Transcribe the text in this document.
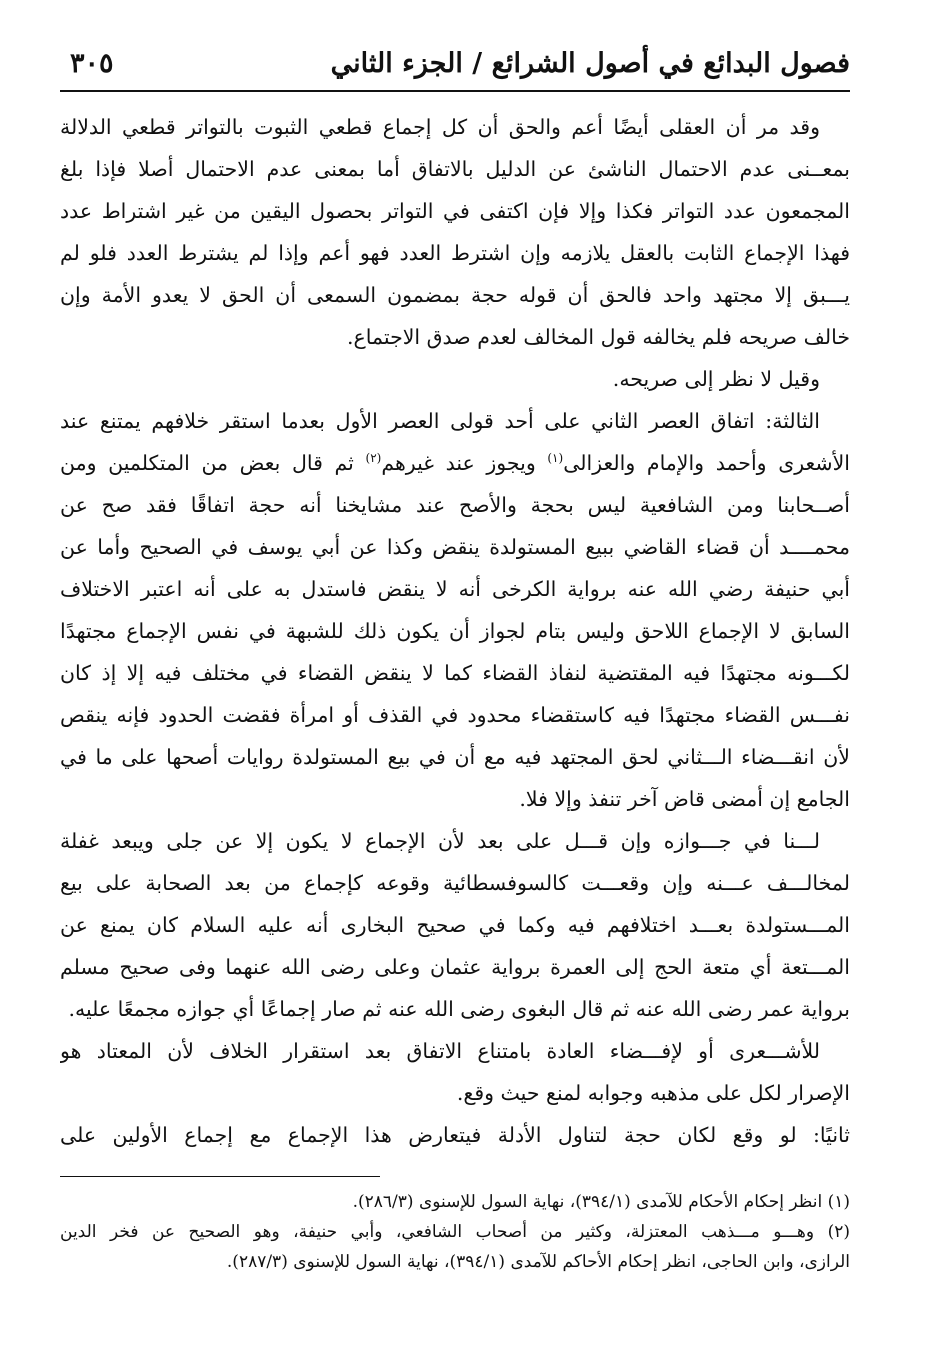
فصول البدائع في أصول الشرائع / الجزء الثاني
٣٠٥
وقد مر أن العقلى أيضًا أعم والحق أن كل إجماع قطعي الثبوت بالتواتر قطعي الدلالة
بمعــنى عدم الاحتمال الناشئ عن الدليل بالاتفاق أما بمعنى عدم الاحتمال أصلا فإذا بلغ
المجمعون عدد التواتر فكذا وإلا فإن اكتفى في التواتر بحصول اليقين من غير اشتراط عدد
فهذا الإجماع الثابت بالعقل يلازمه وإن اشترط العدد فهو أعم وإذا لم يشترط العدد فلو لم
يـــبق إلا مجتهد واحد فالحق أن قوله حجة بمضمون السمعى أن الحق لا يعدو الأمة وإن
خالف صريحه فلم يخالفه قول المخالف لعدم صدق الاجتماع.
وقيل لا نظر إلى صريحه.
الثالثة: اتفاق العصر الثاني على أحد قولى العصر الأول بعدما استقر خلافهم يمتنع عند
الأشعرى وأحمد والإمام والعزالى$^{(١)}$ ويجوز عند غيرهم$^{(٢)}$ ثم قال بعض من المتكلمين ومن
أصــحابنا ومن الشافعية ليس بحجة والأصح عند مشايخنا أنه حجة اتفاقًا فقد صح عن
محمــــد أن قضاء القاضي ببيع المستولدة ينقض وكذا عن أبي يوسف في الصحيح وأما عن
أبي حنيفة رضي الله عنه برواية الكرخى أنه لا ينقض فاستدل به على أنه اعتبر الاختلاف
السابق لا الإجماع اللاحق وليس بتام لجواز أن يكون ذلك للشبهة في نفس الإجماع مجتهدًا
لكـــونه مجتهدًا فيه المقتضية لنفاذ القضاء كما لا ينقض القضاء في مختلف فيه إلا إذ كان
نفـــس القضاء مجتهدًا فيه كاستقضاء محدود في القذف أو امرأة فقضت الحدود فإنه ينقص
لأن انقـــضاء الـــثاني لحق المجتهد فيه مع أن في بيع المستولدة روايات أصحها على ما في
الجامع إن أمضى قاض آخر تنفذ وإلا فلا.
لـــنا في جـــوازه وإن قـــل على بعد لأن الإجماع لا يكون إلا عن جلى ويبعد غفلة
لمخالـــف عـــنه وإن وقعـــت كالسوفسطائية وقوعه كإجماع من بعد الصحابة على بيع
المـــستولدة بعـــد اختلافهم فيه وكما في صحيح البخارى أنه عليه السلام كان يمنع عن
المـــتعة أي متعة الحج إلى العمرة برواية عثمان وعلى رضى الله عنهما وفى صحيح مسلم
برواية عمر رضى الله عنه ثم قال البغوى رضى الله عنه ثم صار إجماعًا أي جوازه مجمعًا عليه.
للأشـــعرى أو لإفـــضاء العادة بامتناع الاتفاق بعد استقرار الخلاف لأن المعتاد هو
الإصرار لكل على مذهبه وجوابه لمنع حيث وقع.
ثانيًا: لو وقع لكان حجة لتناول الأدلة فيتعارض هذا الإجماع مع إجماع الأولين على
(١) انظر إحكام الأحكام للآمدى (٣٩٤/١)، نهاية السول للإسنوى (٢٨٦/٣).
(٢) وهـــو مـــذهب المعتزلة، وكثير من أصحاب الشافعي، وأبي حنيفة، وهو الصحيح عن فخر الدين
الرازى، وابن الحاجى، انظر إحكام الأحاكم للآمدى (٣٩٤/١)، نهاية السول للإسنوى (٢٨٧/٣).
